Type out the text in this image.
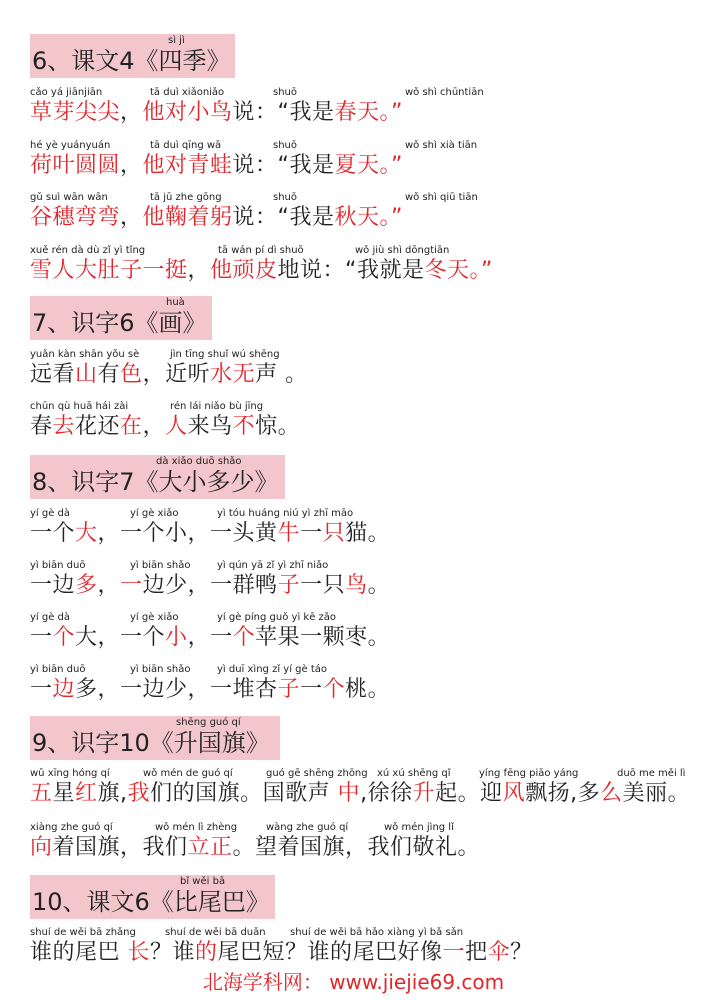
sì jì
6、课文4《四季》
cǎo yá jiānjiān	tā duì xiǎoniǎo	shuō	wǒ shì chūntiān
草芽尖尖，他对小鸟说：“我是春天。”
hé yè yuányuán	tā duì qīng wā	shuō	wǒ shì xià tiān
荷叶圆圆，他对青蛙说：“我是夏天。”
gǔ suì wān wān	tā jū zhe gōng	shuō	wǒ shì qiū tiān
谷穗弯弯，他鞠着躬说：“我是秋天。”
xuě rén dà dù zǐ yì tǐng	tā wán pí dì shuō	wǒ jiù shì dōngtiān
雪人大肚子一挺，他顽皮地说：“我就是冬天。”
huà
7、识字6《画》
yuǎn kàn shān yǒu sè	jìn tīng shuǐ wú shēng
远看山有色，近听水无声 。
chūn qù huā hái zài	rén lái niǎo bù jīng
春去花还在，人来鸟不惊。
dà xiǎo duō shǎo
8、识字7《大小多少》
yí gè dà	yí gè xiǎo	yì tóu huáng niú yì zhī māo
一个大，一个小，一头黄牛一只猫。
yì biān duō	yì biān shǎo	yì qún yā zǐ yì zhī niǎo
一边多，一边少，一群鸭子一只鸟。
yí gè dà	yí gè xiǎo	yí gè píng guǒ yì kē zǎo
一个大，一个小，一个苹果一颗枣。
yì biān duō	yì biān shǎo	yì duī xìng zǐ yí gè táo
一边多，一边少，一堆杏子一个桃。
shēng guó qí
9、识字10《升国旗》
wǔ xīng hóng qí	wǒ mén de guó qí	guó gē shēng zhōng xú xú shēng qǐ	yíng fēng piāo yáng	duō me měi lì
五星红旗,我们的国旗。国歌声 中,徐徐升起。迎风飘扬,多么美丽。
xiàng zhe guó qí	wǒ mén lì zhèng	wàng zhe guó qí	wǒ mén jìng lǐ
向着国旗，我们立正。望着国旗，我们敬礼。
bǐ wěi bā
10、课文6《比尾巴》
shuí de wěi bā zhǎng	shuí de wěi bā duǎn shuí de wěi bā hǎo xiàng yì bǎ sǎn
谁的尾巴 长？谁的尾巴短？谁的尾巴好像一把伞？
北海学科网： www.jiejie69.com
